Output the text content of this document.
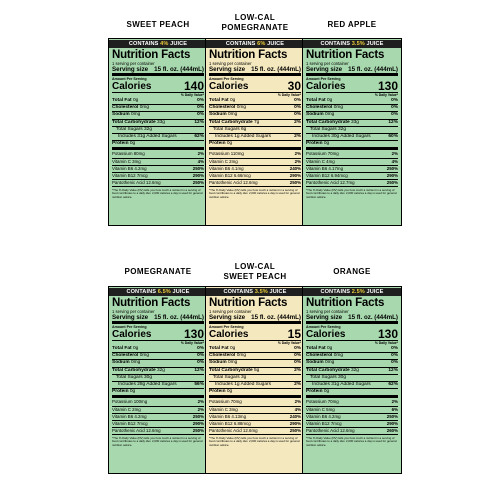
SWEET PEACH
CONTAINS 4% JUICE
Nutrition Facts
1 serving per container
Serving size 15 fl. oz. (444mL)
Amount Per Serving
Calories	140
% Daily Value*
Total Fat 0g	0%
Cholesterol 0mg	0%
Sodium 0mg	0%
Total Carbohydrate 33g	12%
Total Sugars 32g
Includes 31g Added Sugars	62%
Protein 0g
Potassium 80mg	2%
Vitamin C 3mg	4%
Vitamin B6 4.2mg	250%
Vitamin B12 7mcg	290%
Pantothenic Acid 12.6mg	250%
*The % Daily Value (DV) tells you how much a nutrient in a serving of food contributes to a daily diet. 2,000 calories a day is used for general nutrition advice.
LOW-CAL
POMEGRANATE
CONTAINS 6% JUICE
Nutrition Facts
1 serving per container
Serving size 15 fl. oz. (444mL)
Amount Per Serving
Calories	30
% Daily Value*
Total Fat 0g	0%
Cholesterol 0mg	0%
Sodium 0mg	0%
Total Carbohydrate 7g	2%
Total Sugars 6g
Includes 1g Added Sugars	2%
Protein 0g
Potassium 110mg	2%
Vitamin C 2mg	2%
Vitamin B6 4.1mg	240%
Vitamin B12 6.66mcg	290%
Pantothenic Acid 12.6mg	250%
*The % Daily Value (DV) tells you how much a nutrient in a serving of food contributes to a daily diet. 2,000 calories a day is used for general nutrition advice.
RED APPLE
CONTAINS 3.5% JUICE
Nutrition Facts
1 serving per container
Serving size 15 fl. oz. (444mL)
Amount Per Serving
Calories	130
% Daily Value*
Total Fat 0g	0%
Cholesterol 0mg	0%
Sodium 0mg	0%
Total Carbohydrate 33g	12%
Total Sugars 32g
Includes 30g Added Sugars	60%
Protein 0g
Potassium 70mg	2%
Vitamin C 4mg	4%
Vitamin B6 4.17mg	250%
Vitamin B12 6.94mcg	290%
Pantothenic Acid 12.7mg	250%
*The % Daily Value (DV) tells you how much a nutrient in a serving of food contributes to a daily diet. 2,000 calories a day is used for general nutrition advice.
POMEGRANATE
CONTAINS 6.5% JUICE
Nutrition Facts
1 serving per container
Serving size 15 fl. oz. (444mL)
Amount Per Serving
Calories	130
% Daily Value*
Total Fat 0g	0%
Cholesterol 0mg	0%
Sodium 0mg	0%
Total Carbohydrate 32g	12%
Total Sugars 30g
Includes 28g Added Sugars	56%
Protein 0g
Potassium 100mg	2%
Vitamin C 2mg	2%
Vitamin B6 4.2mg	250%
Vitamin B12 7mcg	290%
Pantothenic Acid 12.6mg	250%
*The % Daily Value (DV) tells you how much a nutrient in a serving of food contributes to a daily diet. 2,000 calories a day is used for general nutrition advice.
LOW-CAL
SWEET PEACH
CONTAINS 3.5% JUICE
Nutrition Facts
1 serving per container
Serving size 15 fl. oz. (444mL)
Amount Per Serving
Calories	15
% Daily Value*
Total Fat 0g	0%
Cholesterol 0mg	0%
Sodium 0mg	0%
Total Carbohydrate 5g	2%
Total Sugars 3g
Includes 1g Added Sugars	2%
Protein 0g
Potassium 70mg	2%
Vitamin C 3mg	4%
Vitamin B6 4.13mg	240%
Vitamin B12 6.88mcg	290%
Pantothenic Acid 12.6mg	250%
*The % Daily Value (DV) tells you how much a nutrient in a serving of food contributes to a daily diet. 2,000 calories a day is used for general nutrition advice.
ORANGE
CONTAINS 2.5% JUICE
Nutrition Facts
1 serving per container
Serving size 15 fl. oz. (444mL)
Amount Per Serving
Calories	130
% Daily Value*
Total Fat 0g	0%
Cholesterol 0mg	0%
Sodium 0mg	0%
Total Carbohydrate 32g	12%
Total Sugars 30g
Includes 31g Added Sugars	62%
Protein 0g
Potassium 70mg	2%
Vitamin C 5mg	6%
Vitamin B6 4.2mg	250%
Vitamin B12 7mcg	290%
Pantothenic Acid 12.6mg	260%
*The % Daily Value (DV) tells you how much a nutrient in a serving of food contributes to a daily diet. 2,000 calories a day is used for general nutrition advice.
